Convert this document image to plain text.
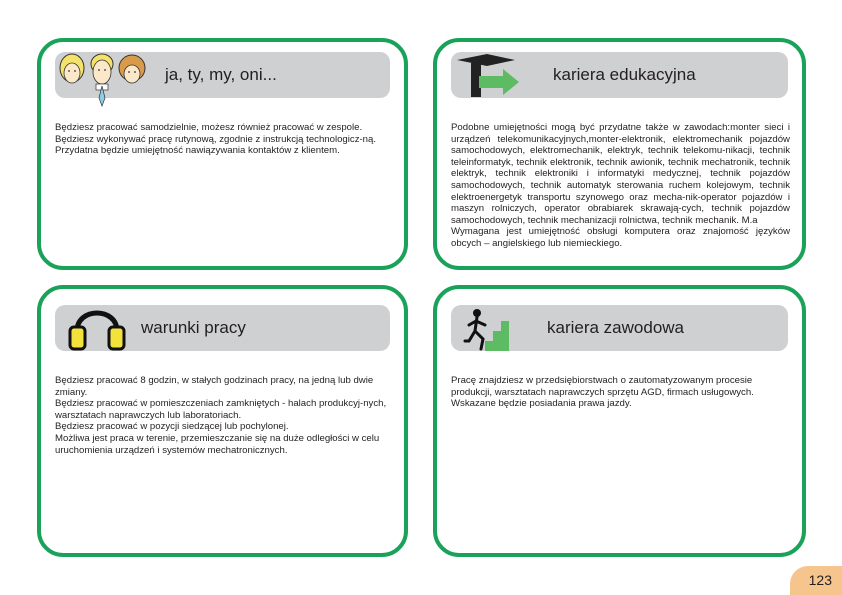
ja, ty, my, oni...

Będziesz pracować samodzielnie, możesz również pracować w zespole.

Będziesz wykonywać pracę rutynową, zgodnie z instrukcją technologicz-ną.

Przydatna będzie umiejętność nawiązywania kontaktów z klientem.

kariera edukacyjna

Podobne umiejętności mogą być przydatne także w zawodach:monter sieci i urządzeń telekomunikacyjnych,monter-elektronik, elektromechanik pojazdów samochodowych, elektromechanik, elektryk, technik telekomu-nikacji, technik teleinformatyk, technik elektronik, technik awionik, technik mechatronik, technik elektryk, technik elektroniki i informatyki medycznej, technik pojazdów samochodowych, technik automatyk sterowania ruchem kolejowym, technik elektroenergetyk transportu szynowego oraz mecha-nik-operator pojazdów i maszyn rolniczych, operator obrabiarek skrawają-cych, technik pojazdów samochodowych, technik mechanizacji rolnictwa, technik mechanik. M.a

Wymagana jest umiejętność obsługi komputera oraz znajomość języków obcych – angielskiego lub niemieckiego.

warunki pracy

Będziesz pracować 8 godzin, w stałych godzinach pracy, na jedną lub dwie zmiany.

Będziesz pracować w pomieszczeniach zamkniętych - halach produkcyj-nych, warsztatach naprawczych lub laboratoriach.

Będziesz pracować w pozycji siedzącej lub pochylonej.

Możliwa jest praca w terenie, przemieszczanie się na duże odległości w celu uruchomienia urządzeń i systemów mechatronicznych.

kariera zawodowa

Pracę znajdziesz w przedsiębiorstwach o zautomatyzowanym procesie produkcji, warsztatach naprawczych sprzętu AGD, firmach usługowych. Wskazane będzie posiadania prawa jazdy.

123
